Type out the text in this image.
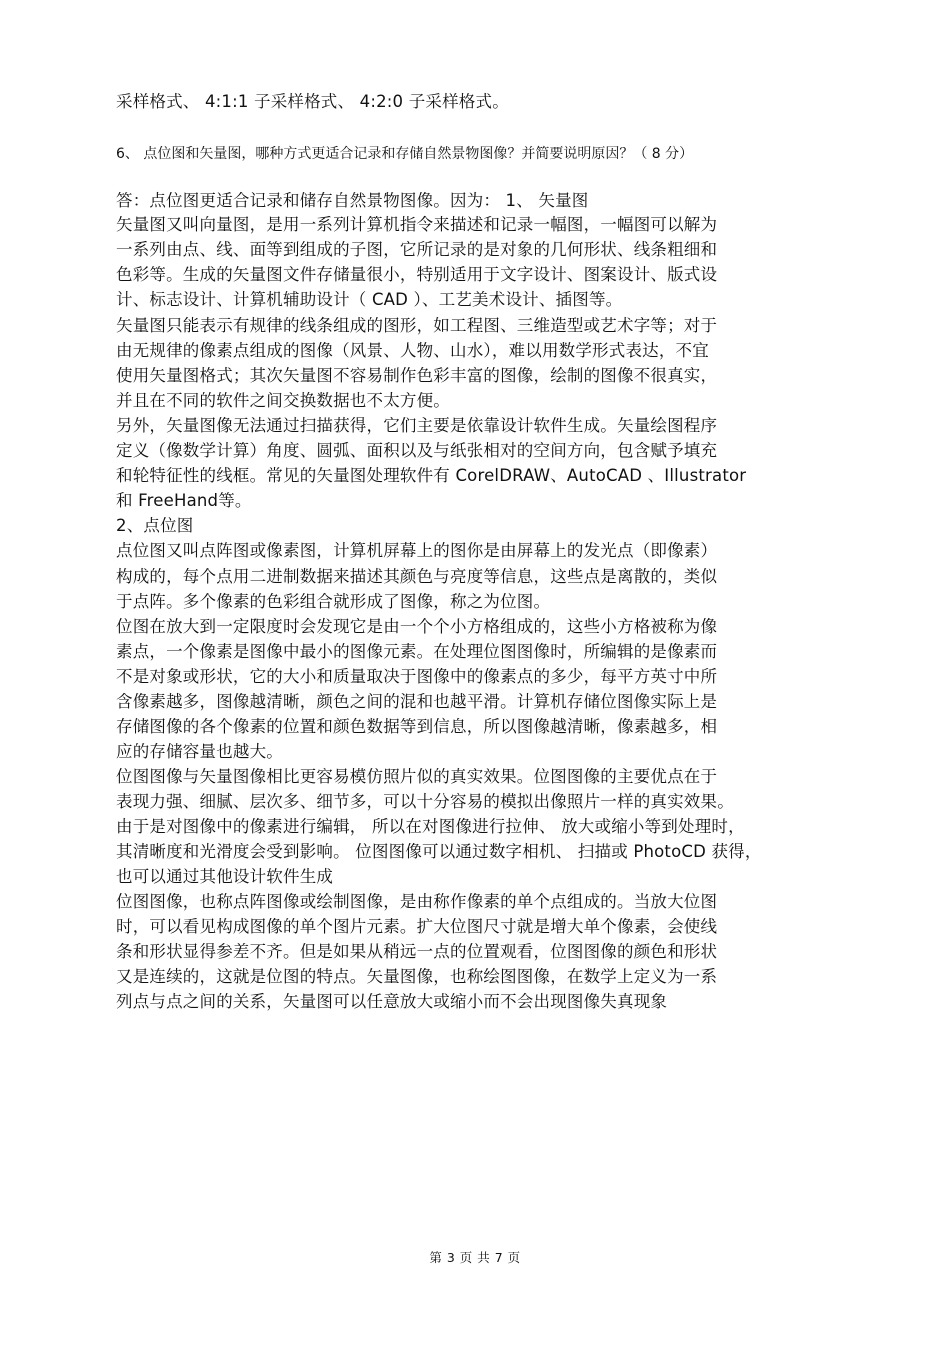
采样格式、 4:1:1 子采样格式、 4:2:0 子采样格式。
6、 点位图和矢量图，哪种方式更适合记录和存储自然景物图像？并简要说明原因？（ 8 分）
答：点位图更适合记录和储存自然景物图像。因为： 1、 矢量图
矢量图又叫向量图，是用一系列计算机指令来描述和记录一幅图，一幅图可以解为
一系列由点、线、面等到组成的子图，它所记录的是对象的几何形状、线条粗细和
色彩等。生成的矢量图文件存储量很小，特别适用于文字设计、图案设计、版式设
计、标志设计、计算机辅助设计（ CAD ）、工艺美术设计、插图等。
矢量图只能表示有规律的线条组成的图形，如工程图、三维造型或艺术字等；对于
由无规律的像素点组成的图像（风景、人物、山水），难以用数学形式表达，不宜
使用矢量图格式；其次矢量图不容易制作色彩丰富的图像，绘制的图像不很真实，
并且在不同的软件之间交换数据也不太方便。
另外，矢量图像无法通过扫描获得，它们主要是依靠设计软件生成。矢量绘图程序
定义（像数学计算）角度、圆弧、面积以及与纸张相对的空间方向，包含赋予填充
和轮特征性的线框。常见的矢量图处理软件有 CorelDRAW、AutoCAD 、Illustrator
和 FreeHand等。
2、点位图
点位图又叫点阵图或像素图，计算机屏幕上的图你是由屏幕上的发光点（即像素）
构成的，每个点用二进制数据来描述其颜色与亮度等信息，这些点是离散的，类似
于点阵。多个像素的色彩组合就形成了图像，称之为位图。
位图在放大到一定限度时会发现它是由一个个小方格组成的，这些小方格被称为像
素点，一个像素是图像中最小的图像元素。在处理位图图像时，所编辑的是像素而
不是对象或形状，它的大小和质量取决于图像中的像素点的多少，每平方英寸中所
含像素越多，图像越清晰，颜色之间的混和也越平滑。计算机存储位图像实际上是
存储图像的各个像素的位置和颜色数据等到信息，所以图像越清晰，像素越多，相
应的存储容量也越大。
位图图像与矢量图像相比更容易模仿照片似的真实效果。位图图像的主要优点在于
表现力强、细腻、层次多、细节多，可以十分容易的模拟出像照片一样的真实效果。
由于是对图像中的像素进行编辑， 所以在对图像进行拉伸、 放大或缩小等到处理时，
其清晰度和光滑度会受到影响。 位图图像可以通过数字相机、 扫描或 PhotoCD 获得，
也可以通过其他设计软件生成
位图图像，也称点阵图像或绘制图像，是由称作像素的单个点组成的。当放大位图
时，可以看见构成图像的单个图片元素。扩大位图尺寸就是增大单个像素，会使线
条和形状显得参差不齐。但是如果从稍远一点的位置观看，位图图像的颜色和形状
又是连续的，这就是位图的特点。矢量图像，也称绘图图像，在数学上定义为一系
列点与点之间的关系，矢量图可以任意放大或缩小而不会出现图像失真现象
第 3 页 共 7 页
